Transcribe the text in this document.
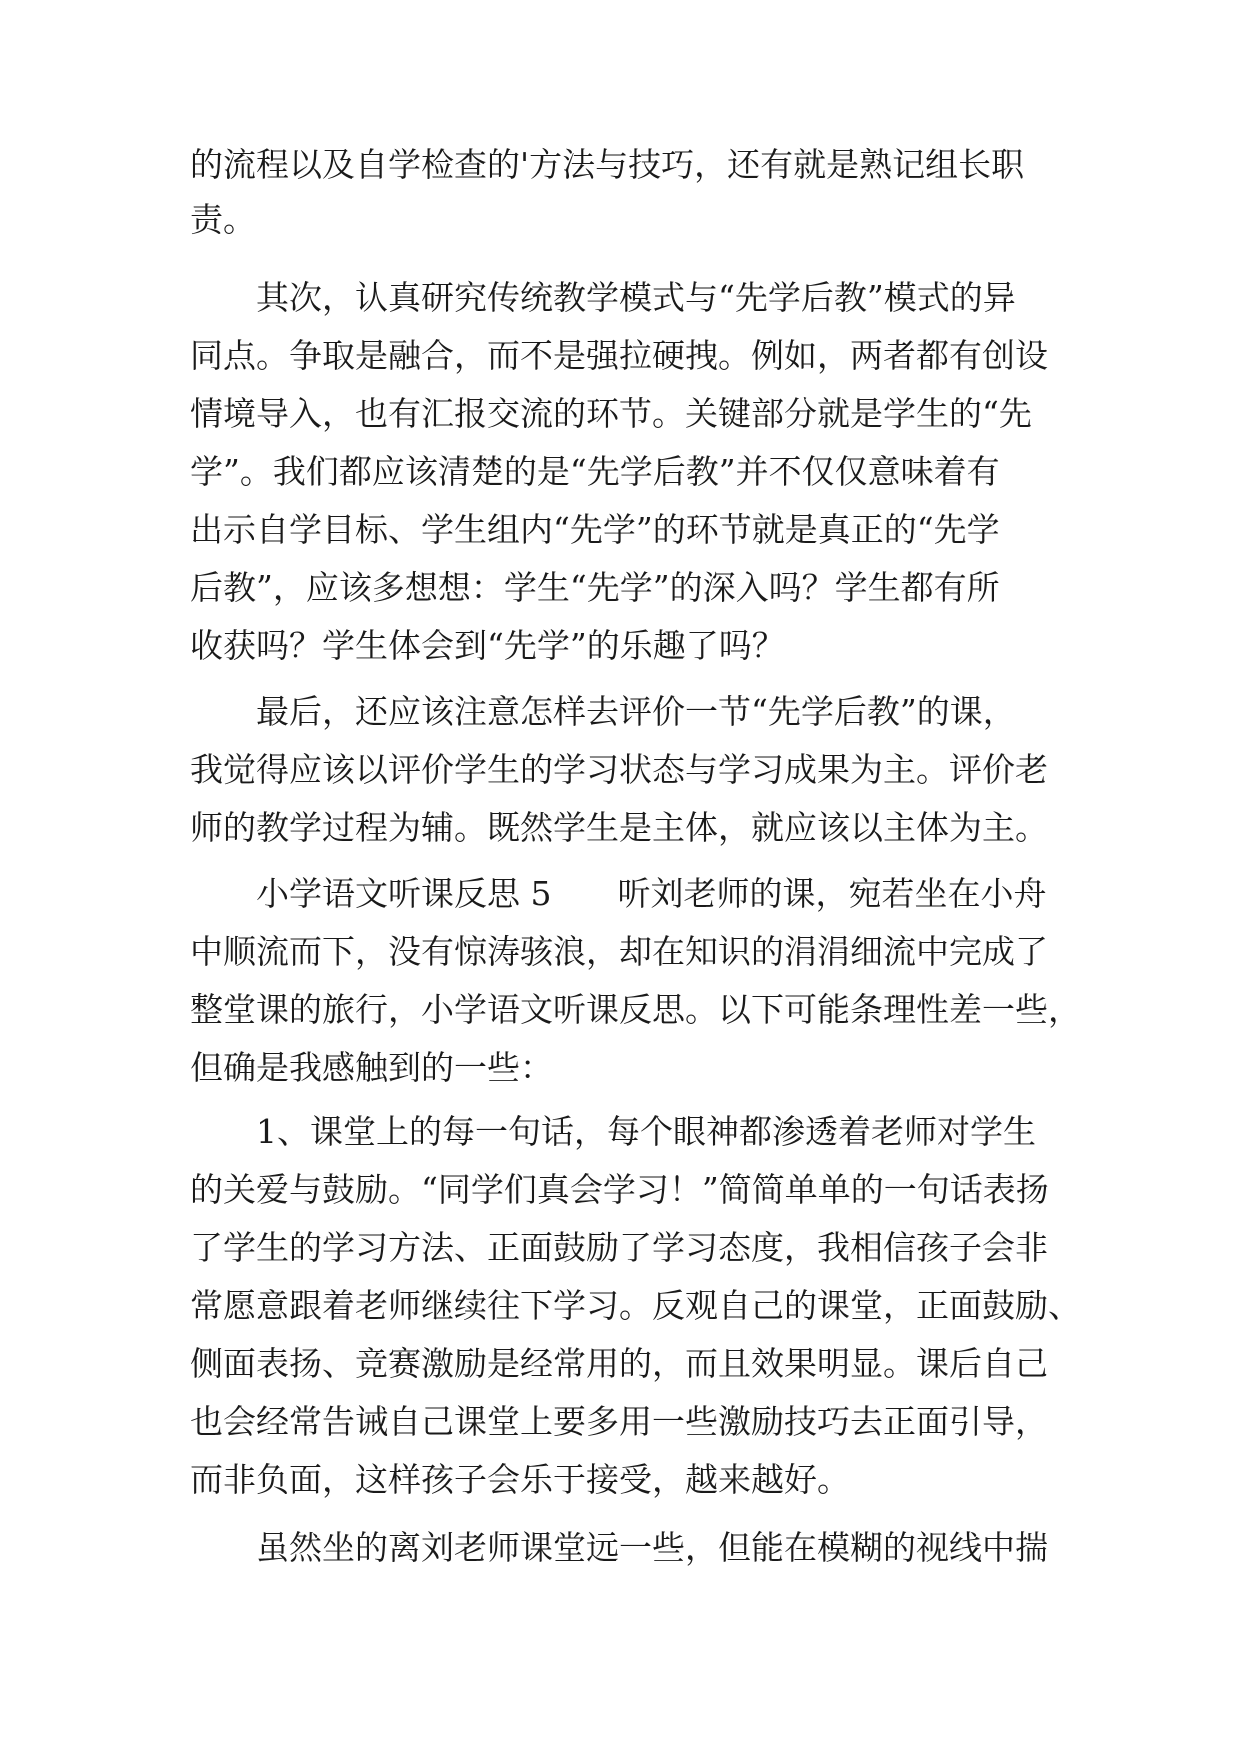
的流程以及自学检查的'方法与技巧，还有就是熟记组长职
责。
其次，认真研究传统教学模式与“先学后教”模式的异
同点。争取是融合，而不是强拉硬拽。例如，两者都有创设
情境导入，也有汇报交流的环节。关键部分就是学生的“先
学”。我们都应该清楚的是“先学后教”并不仅仅意味着有
出示自学目标、学生组内“先学”的环节就是真正的“先学
后教”，应该多想想：学生“先学”的深入吗？学生都有所
收获吗？学生体会到“先学”的乐趣了吗？
最后，还应该注意怎样去评价一节“先学后教”的课，
我觉得应该以评价学生的学习状态与学习成果为主。评价老
师的教学过程为辅。既然学生是主体，就应该以主体为主。
小学语文听课反思 5　　听刘老师的课，宛若坐在小舟
中顺流而下，没有惊涛骇浪，却在知识的涓涓细流中完成了
整堂课的旅行，小学语文听课反思。以下可能条理性差一些，
但确是我感触到的一些：
1、课堂上的每一句话，每个眼神都渗透着老师对学生
的关爱与鼓励。“同学们真会学习！”简简单单的一句话表扬
了学生的学习方法、正面鼓励了学习态度，我相信孩子会非
常愿意跟着老师继续往下学习。反观自己的课堂，正面鼓励、
侧面表扬、竞赛激励是经常用的，而且效果明显。课后自己
也会经常告诫自己课堂上要多用一些激励技巧去正面引导，
而非负面，这样孩子会乐于接受，越来越好。
虽然坐的离刘老师课堂远一些，但能在模糊的视线中揣
